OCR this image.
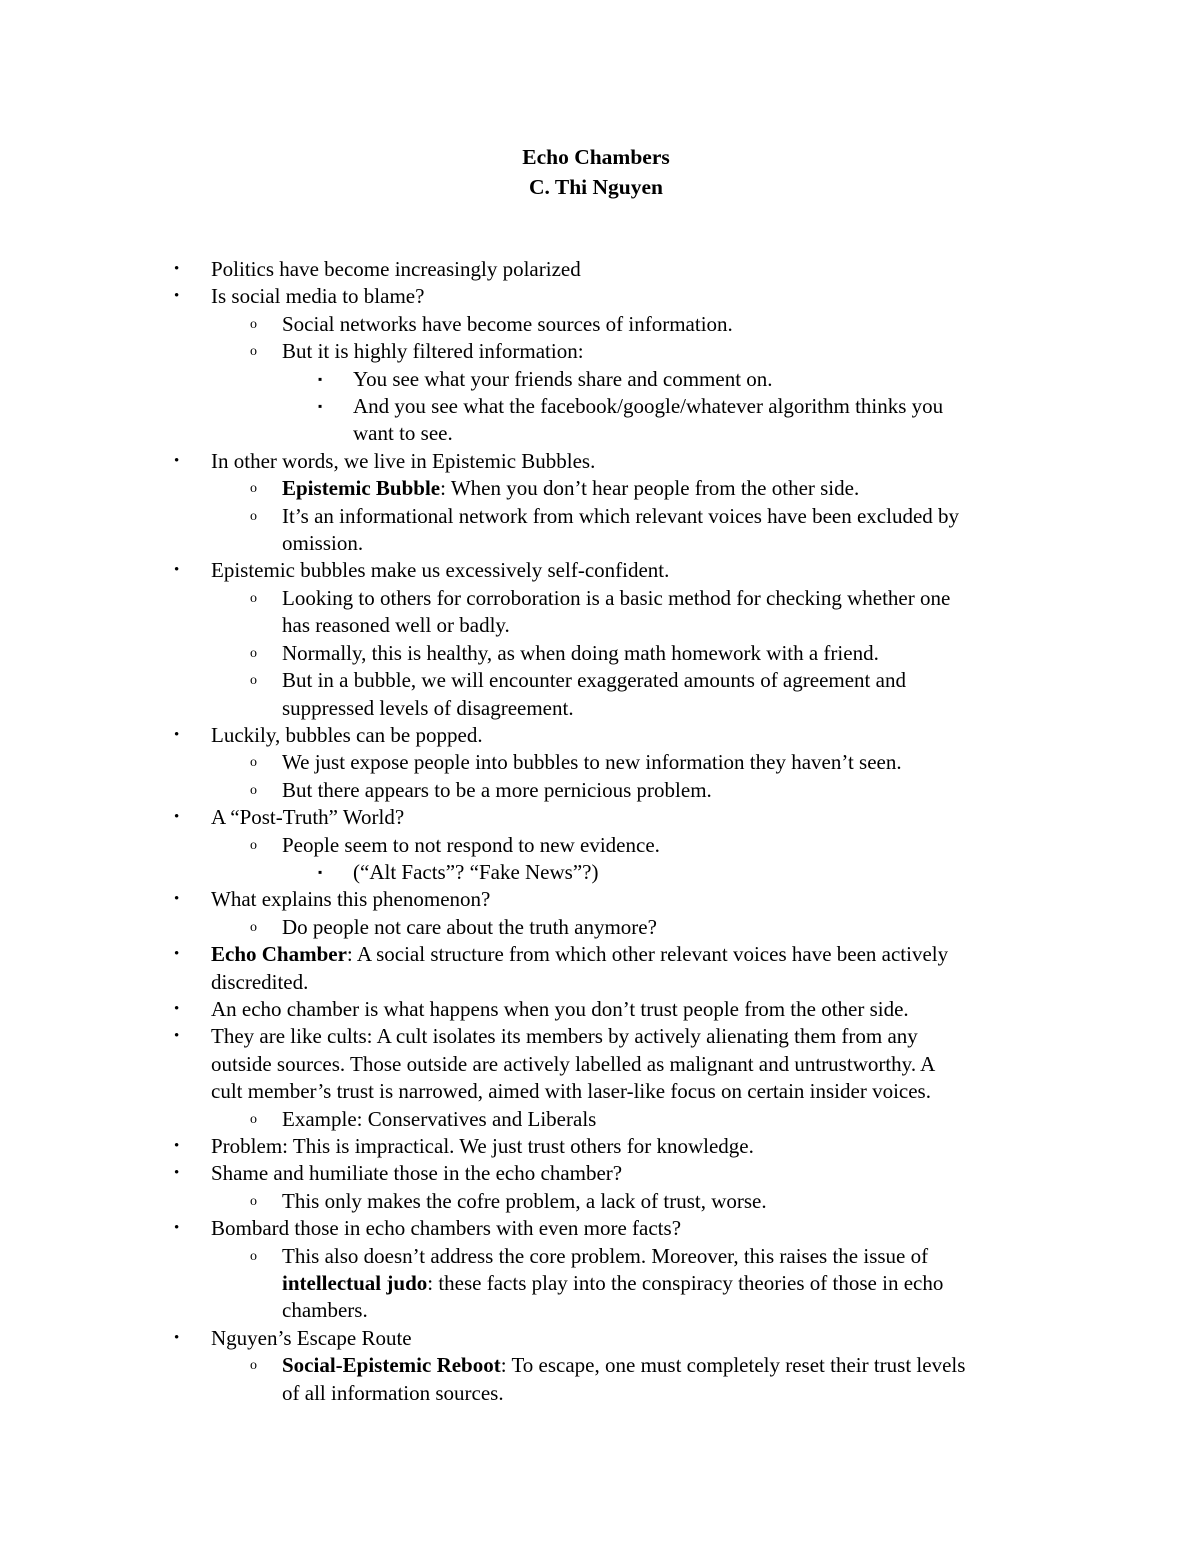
Echo Chambers
C. Thi Nguyen
• Politics have become increasingly polarized
• Is social media to blame?
o Social networks have become sources of information.
o But it is highly filtered information:
▪ You see what your friends share and comment on.
▪ And you see what the facebook/google/whatever algorithm thinks you
want to see.
• In other words, we live in Epistemic Bubbles.
o Epistemic Bubble: When you don’t hear people from the other side.
o It’s an informational network from which relevant voices have been excluded by
omission.
• Epistemic bubbles make us excessively self-confident.
o Looking to others for corroboration is a basic method for checking whether one
has reasoned well or badly.
o Normally, this is healthy, as when doing math homework with a friend.
o But in a bubble, we will encounter exaggerated amounts of agreement and
suppressed levels of disagreement.
• Luckily, bubbles can be popped.
o We just expose people into bubbles to new information they haven’t seen.
o But there appears to be a more pernicious problem.
• A “Post-Truth” World?
o People seem to not respond to new evidence.
▪ (“Alt Facts”? “Fake News”?)
• What explains this phenomenon?
o Do people not care about the truth anymore?
• Echo Chamber: A social structure from which other relevant voices have been actively
discredited.
• An echo chamber is what happens when you don’t trust people from the other side.
• They are like cults: A cult isolates its members by actively alienating them from any
outside sources. Those outside are actively labelled as malignant and untrustworthy. A
cult member’s trust is narrowed, aimed with laser-like focus on certain insider voices.
o Example: Conservatives and Liberals
• Problem: This is impractical. We just trust others for knowledge.
• Shame and humiliate those in the echo chamber?
o This only makes the cofre problem, a lack of trust, worse.
• Bombard those in echo chambers with even more facts?
o This also doesn’t address the core problem. Moreover, this raises the issue of
intellectual judo: these facts play into the conspiracy theories of those in echo
chambers.
• Nguyen’s Escape Route
o Social-Epistemic Reboot: To escape, one must completely reset their trust levels
of all information sources.
